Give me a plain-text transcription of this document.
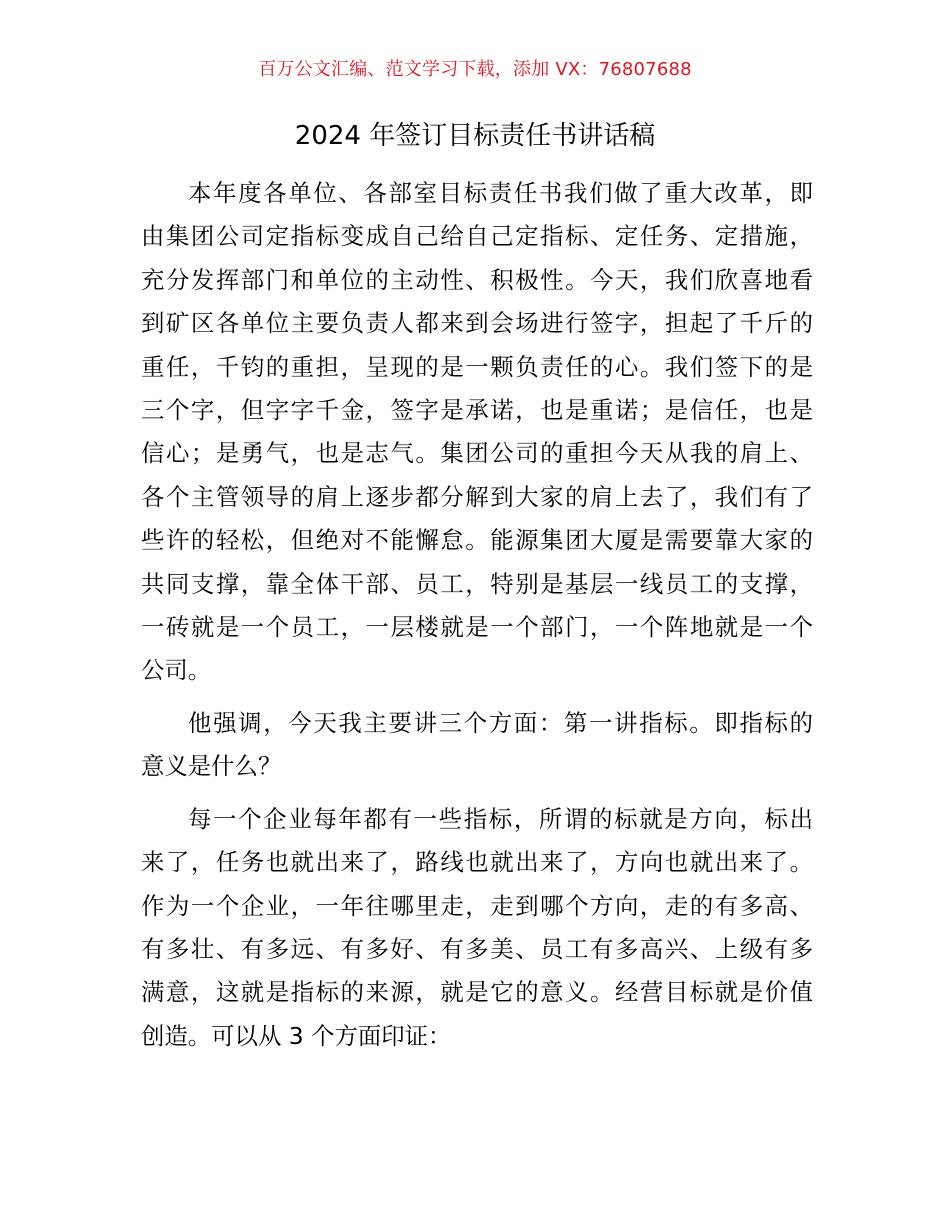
百万公文汇编、范文学习下载，添加 VX：76807688
2024 年签订目标责任书讲话稿
本年度各单位、各部室目标责任书我们做了重大改革，即
由集团公司定指标变成自己给自己定指标、定任务、定措施，
充分发挥部门和单位的主动性、积极性。今天，我们欣喜地看
到矿区各单位主要负责人都来到会场进行签字，担起了千斤的
重任，千钧的重担，呈现的是一颗负责任的心。我们签下的是
三个字，但字字千金，签字是承诺，也是重诺；是信任，也是
信心；是勇气，也是志气。集团公司的重担今天从我的肩上、
各个主管领导的肩上逐步都分解到大家的肩上去了，我们有了
些许的轻松，但绝对不能懈怠。能源集团大厦是需要靠大家的
共同支撑，靠全体干部、员工，特别是基层一线员工的支撑，
一砖就是一个员工，一层楼就是一个部门，一个阵地就是一个
公司。
他强调，今天我主要讲三个方面：第一讲指标。即指标的
意义是什么？
每一个企业每年都有一些指标，所谓的标就是方向，标出
来了，任务也就出来了，路线也就出来了，方向也就出来了。
作为一个企业，一年往哪里走，走到哪个方向，走的有多高、
有多壮、有多远、有多好、有多美、员工有多高兴、上级有多
满意，这就是指标的来源，就是它的意义。经营目标就是价值
创造。可以从 3 个方面印证：
